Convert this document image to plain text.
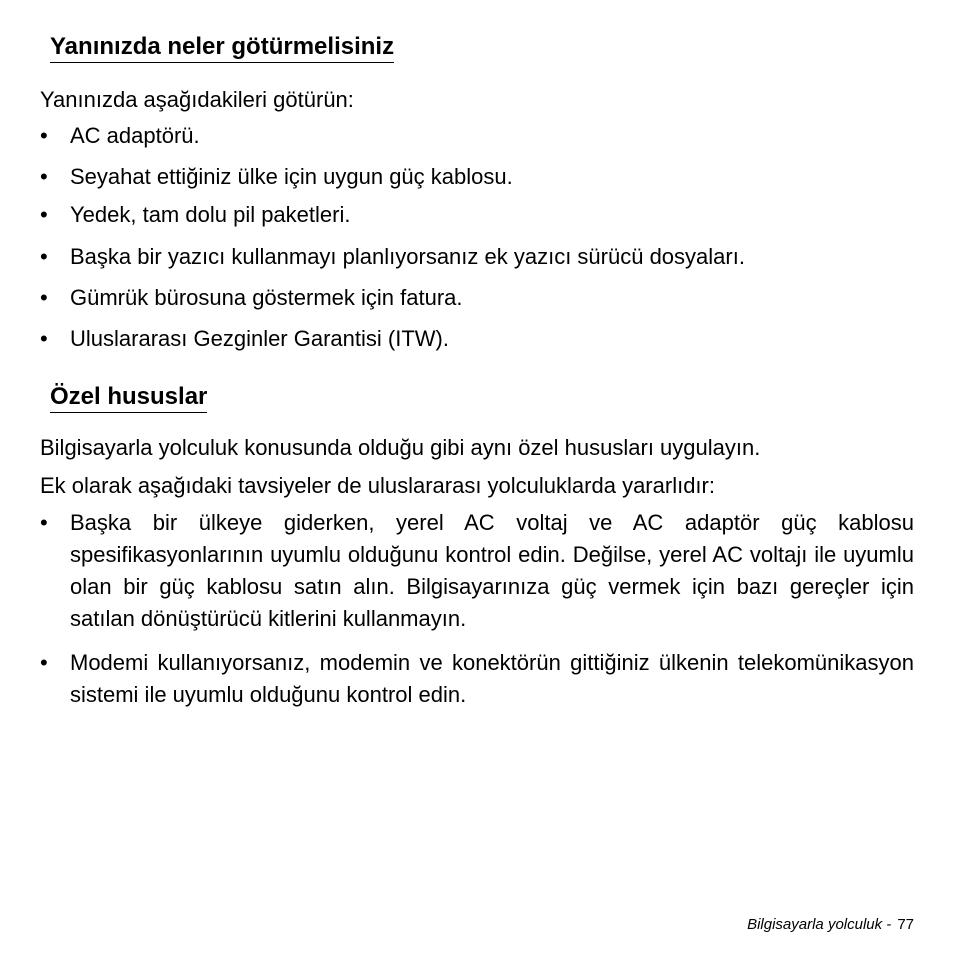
Yanınızda neler götürmelisiniz

Yanınızda aşağıdakileri götürün:

• AC adaptörü.
• Seyahat ettiğiniz ülke için uygun güç kablosu.
• Yedek, tam dolu pil paketleri.
• Başka bir yazıcı kullanmayı planlıyorsanız ek yazıcı sürücü dosyaları.
• Gümrük bürosuna göstermek için fatura.
• Uluslararası Gezginler Garantisi (ITW).
Özel hususlar

Bilgisayarla yolculuk konusunda olduğu gibi aynı özel hususları uygulayın.

Ek olarak aşağıdaki tavsiyeler de uluslararası yolculuklarda yararlıdır:

• Başka bir ülkeye giderken, yerel AC voltaj ve AC adaptör güç kablosu spesifikasyonlarının uyumlu olduğunu kontrol edin. Değilse, yerel AC voltajı ile uyumlu olan bir güç kablosu satın alın. Bilgisayarınıza güç vermek için bazı gereçler için satılan dönüştürücü kitlerini kullanmayın.
• Modemi kullanıyorsanız, modemin ve konektörün gittiğiniz ülkenin telekomünikasyon sistemi ile uyumlu olduğunu kontrol edin.
Bilgisayarla yolculuk - 77
